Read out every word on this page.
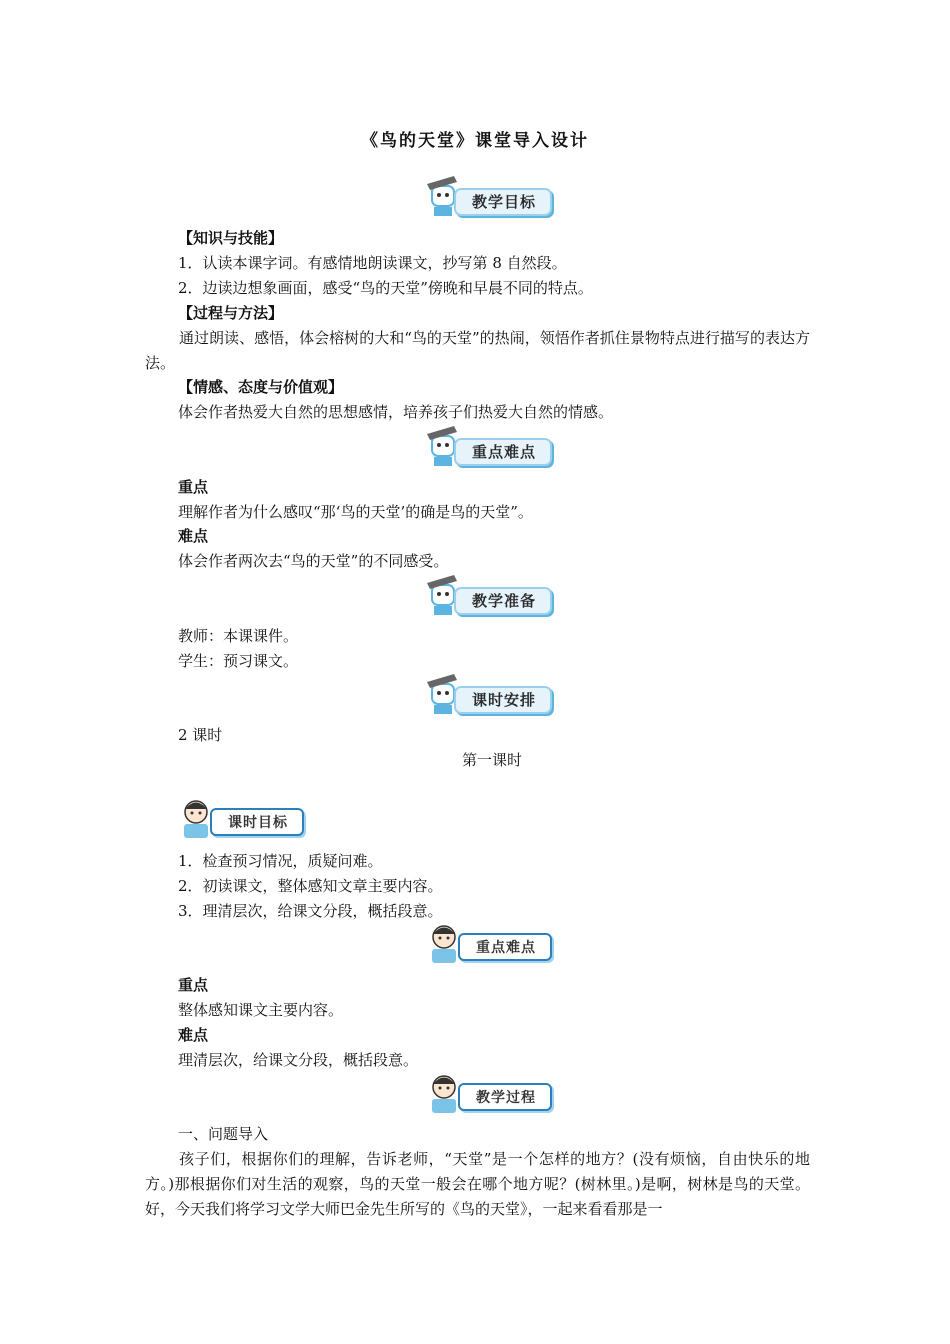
《鸟的天堂》课堂导入设计
教学目标
【知识与技能】
1．认读本课字词。有感情地朗读课文，抄写第 8 自然段。
2．边读边想象画面，感受“鸟的天堂”傍晚和早晨不同的特点。
【过程与方法】
通过朗读、感悟，体会榕树的大和“鸟的天堂”的热闹，领悟作者抓住景物特点进行描写的表达方法。
【情感、态度与价值观】
体会作者热爱大自然的思想感情，培养孩子们热爱大自然的情感。
重点难点
重点
理解作者为什么感叹“那‘鸟的天堂’的确是鸟的天堂”。
难点
体会作者两次去“鸟的天堂”的不同感受。
教学准备
教师：本课课件。
学生：预习课文。
课时安排
2 课时
第一课时
课时目标
1．检查预习情况，质疑问难。
2．初读课文，整体感知文章主要内容。
3．理清层次，给课文分段，概括段意。
重点难点
重点
整体感知课文主要内容。
难点
理清层次，给课文分段，概括段意。
教学过程
一、问题导入
孩子们，根据你们的理解，告诉老师，“天堂”是一个怎样的地方？(没有烦恼，自由快乐的地方。)那根据你们对生活的观察，鸟的天堂一般会在哪个地方呢？(树林里。)是啊，树林是鸟的天堂。好，今天我们将学习文学大师巴金先生所写的《鸟的天堂》，一起来看看那是一
